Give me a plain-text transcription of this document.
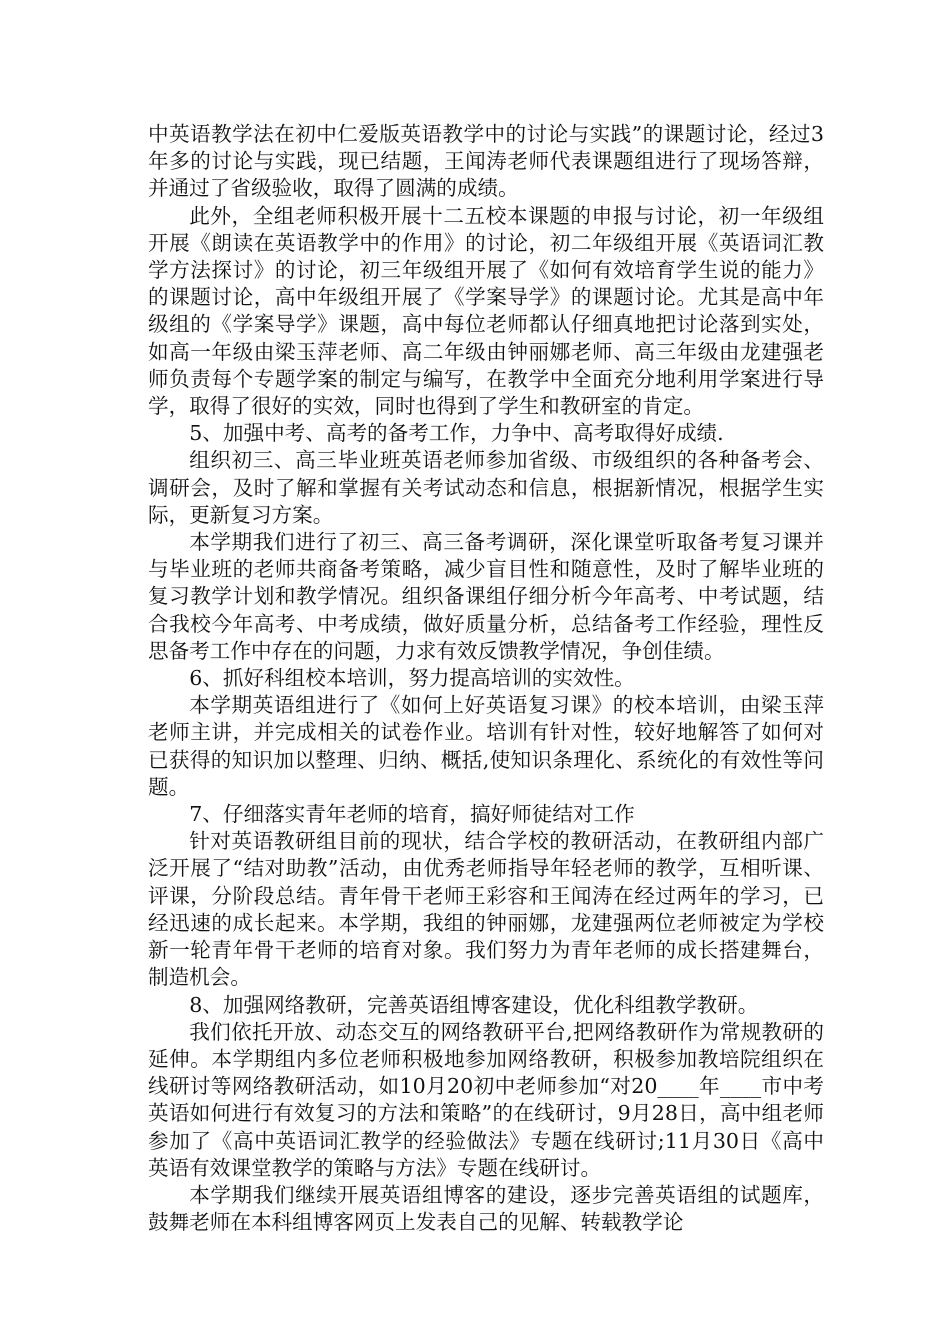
中英语教学法在初中仁爱版英语教学中的讨论与实践”的课题讨论，经过3年多的讨论与实践，现已结题，王闻涛老师代表课题组进行了现场答辩，并通过了省级验收，取得了圆满的成绩。

此外，全组老师积极开展十二五校本课题的申报与讨论，初一年级组开展《朗读在英语教学中的作用》的讨论，初二年级组开展《英语词汇教学方法探讨》的讨论，初三年级组开展了《如何有效培育学生说的能力》的课题讨论，高中年级组开展了《学案导学》的课题讨论。尤其是高中年级组的《学案导学》课题，高中每位老师都认仔细真地把讨论落到实处，如高一年级由梁玉萍老师、高二年级由钟丽娜老师、高三年级由龙建强老师负责每个专题学案的制定与编写，在教学中全面充分地利用学案进行导学，取得了很好的实效，同时也得到了学生和教研室的肯定。

5、加强中考、高考的备考工作，力争中、高考取得好成绩.

组织初三、高三毕业班英语老师参加省级、市级组织的各种备考会、调研会，及时了解和掌握有关考试动态和信息，根据新情况，根据学生实际，更新复习方案。

本学期我们进行了初三、高三备考调研，深化课堂听取备考复习课并与毕业班的老师共商备考策略，减少盲目性和随意性，及时了解毕业班的复习教学计划和教学情况。组织备课组仔细分析今年高考、中考试题，结合我校今年高考、中考成绩，做好质量分析，总结备考工作经验，理性反思备考工作中存在的问题，力求有效反馈教学情况，争创佳绩。

6、抓好科组校本培训，努力提高培训的实效性。

本学期英语组进行了《如何上好英语复习课》的校本培训，由梁玉萍老师主讲，并完成相关的试卷作业。培训有针对性，较好地解答了如何对已获得的知识加以整理、归纳、概括,使知识条理化、系统化的有效性等问题。

7、仔细落实青年老师的培育，搞好师徒结对工作

针对英语教研组目前的现状，结合学校的教研活动，在教研组内部广泛开展了“结对助教”活动，由优秀老师指导年轻老师的教学，互相听课、评课，分阶段总结。青年骨干老师王彩容和王闻涛在经过两年的学习，已经迅速的成长起来。本学期，我组的钟丽娜，龙建强两位老师被定为学校新一轮青年骨干老师的培育对象。我们努力为青年老师的成长搭建舞台，制造机会。

8、加强网络教研，完善英语组博客建设，优化科组教学教研。

我们依托开放、动态交互的网络教研平台,把网络教研作为常规教研的延伸。本学期组内多位老师积极地参加网络教研，积极参加教培院组织在线研讨等网络教研活动，如10月20初中老师参加“对20____年____市中考英语如何进行有效复习的方法和策略”的在线研讨，9月28日，高中组老师参加了《高中英语词汇教学的经验做法》专题在线研讨;11月30日《高中英语有效课堂教学的策略与方法》专题在线研讨。

本学期我们继续开展英语组博客的建设，逐步完善英语组的试题库，鼓舞老师在本科组博客网页上发表自己的见解、转载教学论
